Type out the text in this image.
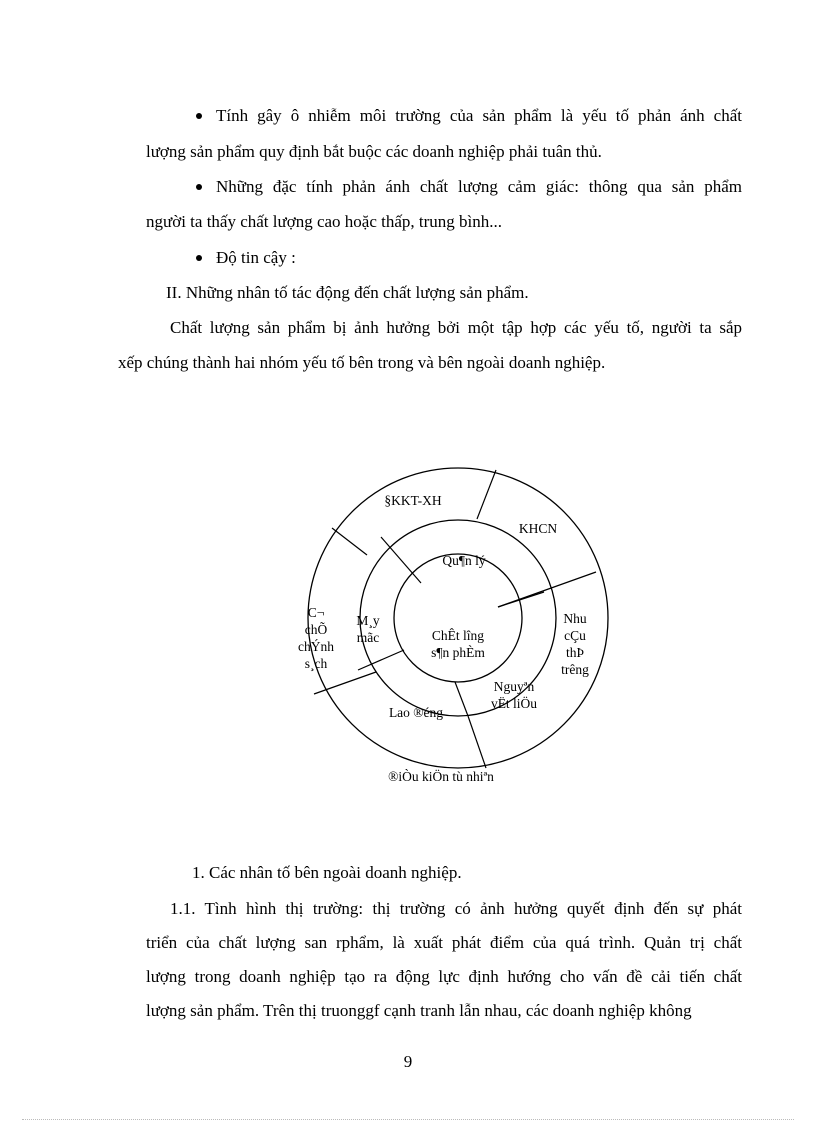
Tính gây ô nhiễm môi trường của sản phẩm là yếu tố phản ánh chất
lượng sản phẩm quy định bắt buộc các doanh nghiệp phải tuân thủ.
Những đặc tính phản ánh chất lượng cảm giác: thông qua sản phẩm
người ta thấy chất lượng cao hoặc thấp, trung bình...
Độ tin cậy :
II. Những nhân tố tác động đến chất lượng sản phẩm.
Chất lượng sản phẩm bị ảnh hưởng bởi một tập hợp các yếu tố, người ta sắp
xếp chúng thành hai nhóm yếu tố bên trong và bên ngoài doanh nghiệp.
ChÊt lîng
s¶n phÈm
Qu¶n lý
M¸y
mãc
Lao ®éng
Nguyªn
vËt liÖu
§KKT-XH
KHCN
Nhu
cÇu
thÞ
trêng
®iÒu kiÖn tù nhiªn
C¬
chÕ
chÝnh
s¸ch
1. Các nhân tố bên ngoài doanh nghiệp.
1.1. Tình hình thị trường: thị trường có ảnh hưởng quyết định đến sự phát
triển của chất lượng san rphẩm, là xuất phát điểm của quá trình. Quản trị chất
lượng trong doanh nghiệp tạo ra động lực định hướng cho vấn đề cải tiến chất
lượng sản phẩm. Trên thị truonggf cạnh tranh lẫn nhau, các doanh nghiệp không
9
